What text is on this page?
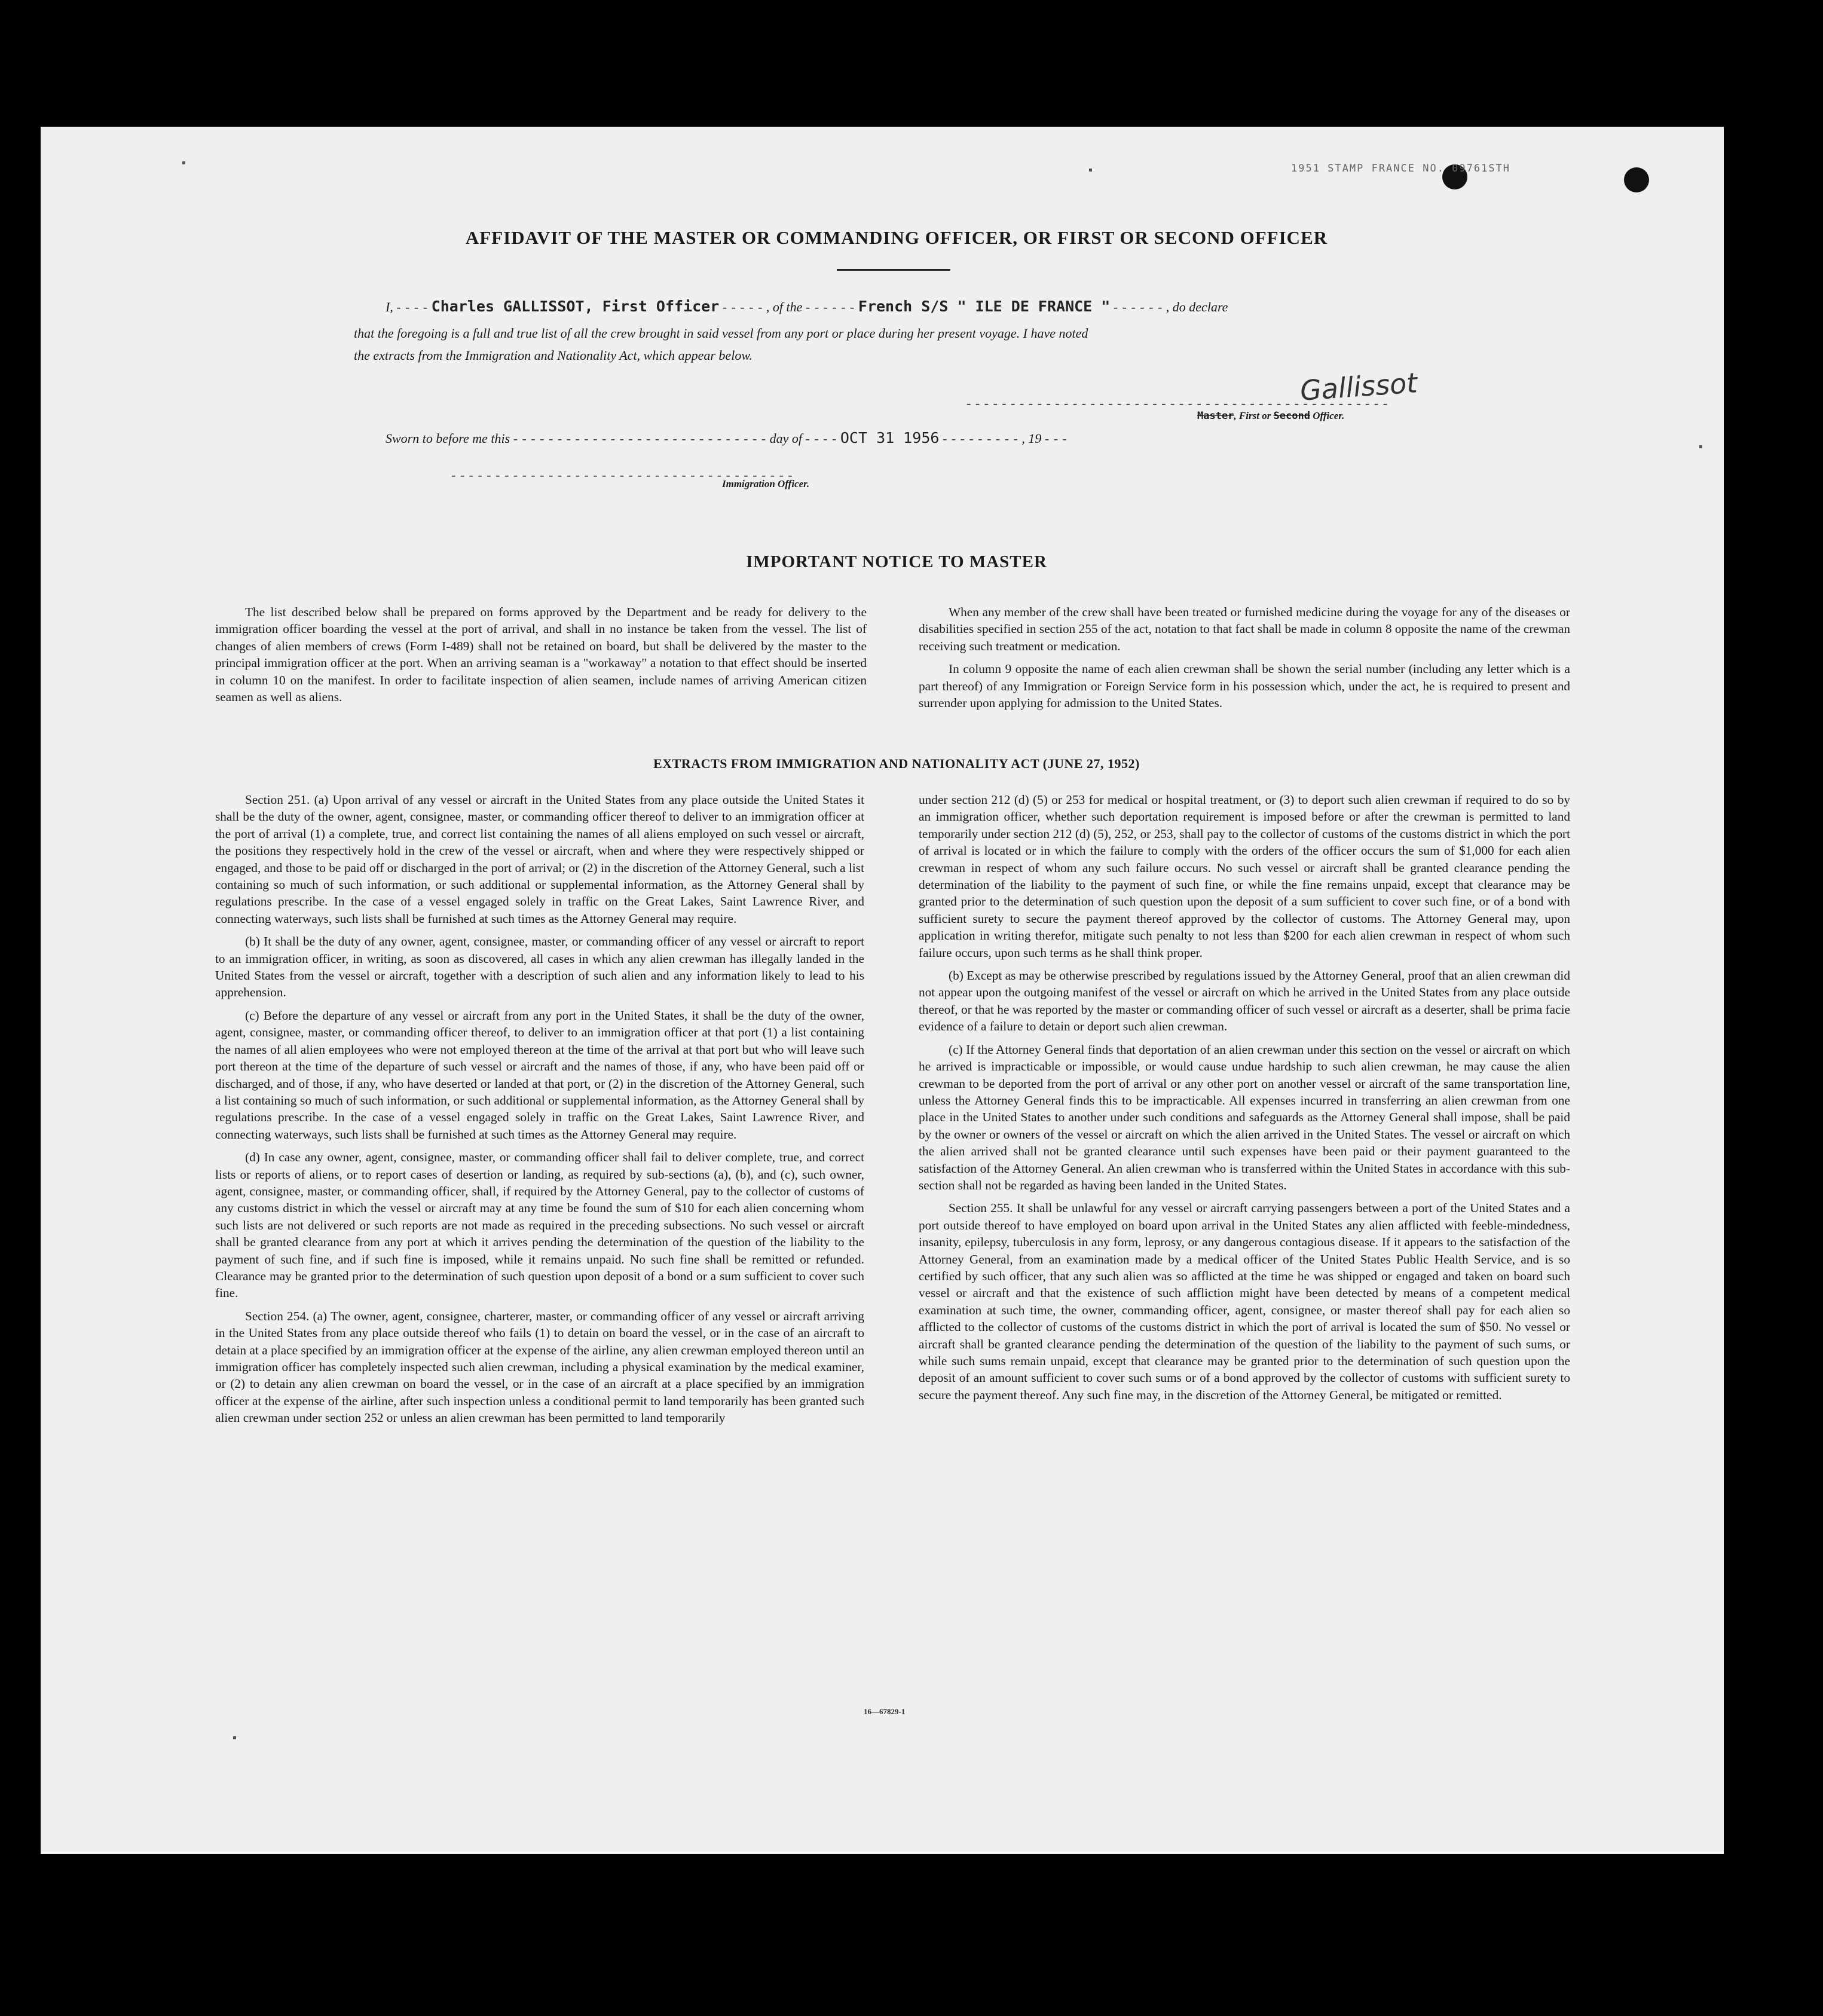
1951 STAMP FRANCE NO. 09761STH
AFFIDAVIT OF THE MASTER OR COMMANDING OFFICER, OR FIRST OR SECOND OFFICER
I, - - - - Charles GALLISSOT, First Officer - - - - - , of the - - - - - - French S/S " ILE DE FRANCE " - - - - - - , do declare
that the foregoing is a full and true list of all the crew brought in said vessel from any port or place during her present voyage. I have noted
the extracts from the Immigration and Nationality Act, which appear below.
- - - - - - - - - - - - - - - - - - - - - - - - - - - - - - - - - - - - - - - - - - - - - - - -
Gallissot
Master, First or Second Officer.
Sworn to before me this - - - - - - - - - - - - - - - - - - - - - - - - - - - - - day of - - - - OCT 31 1956 - - - - - - - - - , 19 - - -
- - - - - - - - - - - - - - - - - - - - - - - - - - - - - - - - - - - - - - -
Immigration Officer.
IMPORTANT NOTICE TO MASTER

The list described below shall be prepared on forms approved by the Department and be ready for delivery to the immigration officer boarding the vessel at the port of arrival, and shall in no instance be taken from the vessel. The list of changes of alien members of crews (Form I-489) shall not be retained on board, but shall be delivered by the master to the principal immigration officer at the port. When an arriving seaman is a "workaway" a notation to that effect should be inserted in column 10 on the manifest. In order to facilitate inspection of alien seamen, include names of arriving American citizen seamen as well as aliens.

When any member of the crew shall have been treated or furnished medicine during the voyage for any of the diseases or disabilities specified in section 255 of the act, notation to that fact shall be made in column 8 opposite the name of the crewman receiving such treatment or medication.

In column 9 opposite the name of each alien crewman shall be shown the serial number (including any letter which is a part thereof) of any Immigration or Foreign Service form in his possession which, under the act, he is required to present and surrender upon applying for admission to the United States.

EXTRACTS FROM IMMIGRATION AND NATIONALITY ACT (JUNE 27, 1952)

Section 251. (a) Upon arrival of any vessel or aircraft in the United States from any place outside the United States it shall be the duty of the owner, agent, consignee, master, or commanding officer thereof to deliver to an immigration officer at the port of arrival (1) a complete, true, and correct list containing the names of all aliens employed on such vessel or aircraft, the positions they respectively hold in the crew of the vessel or aircraft, when and where they were respectively shipped or engaged, and those to be paid off or discharged in the port of arrival; or (2) in the discretion of the Attorney General, such a list containing so much of such information, or such additional or supplemental information, as the Attorney General shall by regulations prescribe. In the case of a vessel engaged solely in traffic on the Great Lakes, Saint Lawrence River, and connecting waterways, such lists shall be furnished at such times as the Attorney General may require.

(b) It shall be the duty of any owner, agent, consignee, master, or commanding officer of any vessel or aircraft to report to an immigration officer, in writing, as soon as discovered, all cases in which any alien crewman has illegally landed in the United States from the vessel or aircraft, together with a description of such alien and any information likely to lead to his apprehension.

(c) Before the departure of any vessel or aircraft from any port in the United States, it shall be the duty of the owner, agent, consignee, master, or commanding officer thereof, to deliver to an immigration officer at that port (1) a list containing the names of all alien employees who were not employed thereon at the time of the arrival at that port but who will leave such port thereon at the time of the departure of such vessel or aircraft and the names of those, if any, who have been paid off or discharged, and of those, if any, who have deserted or landed at that port, or (2) in the discretion of the Attorney General, such a list containing so much of such information, or such additional or supplemental information, as the Attorney General shall by regulations prescribe. In the case of a vessel engaged solely in traffic on the Great Lakes, Saint Lawrence River, and connecting waterways, such lists shall be furnished at such times as the Attorney General may require.

(d) In case any owner, agent, consignee, master, or commanding officer shall fail to deliver complete, true, and correct lists or reports of aliens, or to report cases of desertion or landing, as required by sub-sections (a), (b), and (c), such owner, agent, consignee, master, or commanding officer, shall, if required by the Attorney General, pay to the collector of customs of any customs district in which the vessel or aircraft may at any time be found the sum of $10 for each alien concerning whom such lists are not delivered or such reports are not made as required in the preceding subsections. No such vessel or aircraft shall be granted clearance from any port at which it arrives pending the determination of the question of the liability to the payment of such fine, and if such fine is imposed, while it remains unpaid. No such fine shall be remitted or refunded. Clearance may be granted prior to the determination of such question upon deposit of a bond or a sum sufficient to cover such fine.

Section 254. (a) The owner, agent, consignee, charterer, master, or commanding officer of any vessel or aircraft arriving in the United States from any place outside thereof who fails (1) to detain on board the vessel, or in the case of an aircraft to detain at a place specified by an immigration officer at the expense of the airline, any alien crewman employed thereon until an immigration officer has completely inspected such alien crewman, including a physical examination by the medical examiner, or (2) to detain any alien crewman on board the vessel, or in the case of an aircraft at a place specified by an immigration officer at the expense of the airline, after such inspection unless a conditional permit to land temporarily has been granted such alien crewman under section 252 or unless an alien crewman has been permitted to land temporarily

under section 212 (d) (5) or 253 for medical or hospital treatment, or (3) to deport such alien crewman if required to do so by an immigration officer, whether such deportation requirement is imposed before or after the crewman is permitted to land temporarily under section 212 (d) (5), 252, or 253, shall pay to the collector of customs of the customs district in which the port of arrival is located or in which the failure to comply with the orders of the officer occurs the sum of $1,000 for each alien crewman in respect of whom any such failure occurs. No such vessel or aircraft shall be granted clearance pending the determination of the liability to the payment of such fine, or while the fine remains unpaid, except that clearance may be granted prior to the determination of such question upon the deposit of a sum sufficient to cover such fine, or of a bond with sufficient surety to secure the payment thereof approved by the collector of customs. The Attorney General may, upon application in writing therefor, mitigate such penalty to not less than $200 for each alien crewman in respect of whom such failure occurs, upon such terms as he shall think proper.

(b) Except as may be otherwise prescribed by regulations issued by the Attorney General, proof that an alien crewman did not appear upon the outgoing manifest of the vessel or aircraft on which he arrived in the United States from any place outside thereof, or that he was reported by the master or commanding officer of such vessel or aircraft as a deserter, shall be prima facie evidence of a failure to detain or deport such alien crewman.

(c) If the Attorney General finds that deportation of an alien crewman under this section on the vessel or aircraft on which he arrived is impracticable or impossible, or would cause undue hardship to such alien crewman, he may cause the alien crewman to be deported from the port of arrival or any other port on another vessel or aircraft of the same transportation line, unless the Attorney General finds this to be impracticable. All expenses incurred in transferring an alien crewman from one place in the United States to another under such conditions and safeguards as the Attorney General shall impose, shall be paid by the owner or owners of the vessel or aircraft on which the alien arrived in the United States. The vessel or aircraft on which the alien arrived shall not be granted clearance until such expenses have been paid or their payment guaranteed to the satisfaction of the Attorney General. An alien crewman who is transferred within the United States in accordance with this sub-section shall not be regarded as having been landed in the United States.

Section 255. It shall be unlawful for any vessel or aircraft carrying passengers between a port of the United States and a port outside thereof to have employed on board upon arrival in the United States any alien afflicted with feeble-mindedness, insanity, epilepsy, tuberculosis in any form, leprosy, or any dangerous contagious disease. If it appears to the satisfaction of the Attorney General, from an examination made by a medical officer of the United States Public Health Service, and is so certified by such officer, that any such alien was so afflicted at the time he was shipped or engaged and taken on board such vessel or aircraft and that the existence of such affliction might have been detected by means of a competent medical examination at such time, the owner, commanding officer, agent, consignee, or master thereof shall pay for each alien so afflicted to the collector of customs of the customs district in which the port of arrival is located the sum of $50. No vessel or aircraft shall be granted clearance pending the determination of the question of the liability to the payment of such sums, or while such sums remain unpaid, except that clearance may be granted prior to the determination of such question upon the deposit of an amount sufficient to cover such sums or of a bond approved by the collector of customs with sufficient surety to secure the payment thereof. Any such fine may, in the discretion of the Attorney General, be mitigated or remitted.

16—67829-1
